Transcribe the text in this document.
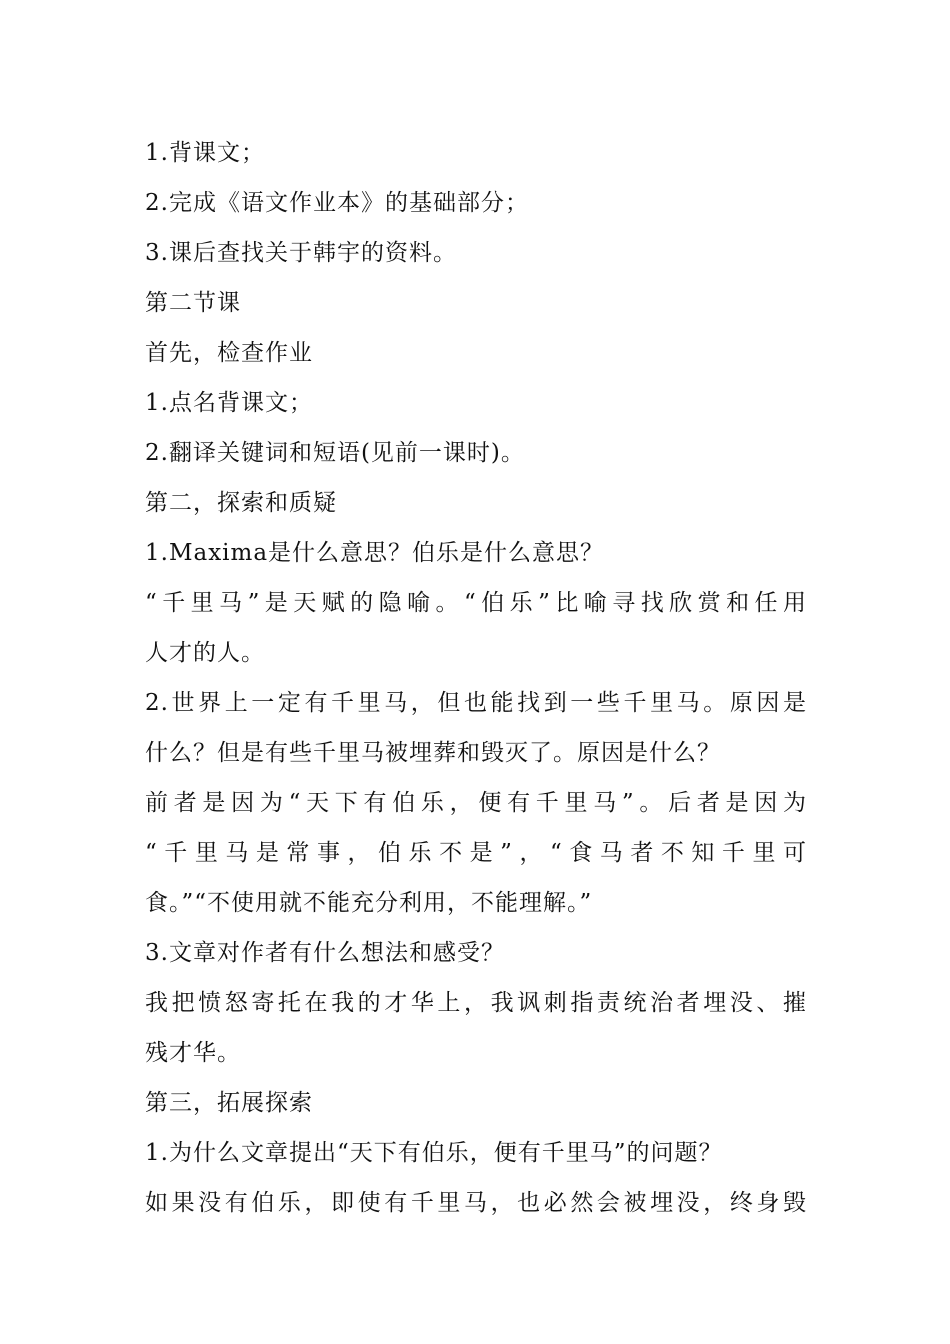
1.背课文；
2.完成《语文作业本》的基础部分；
3.课后查找关于韩宇的资料。
第二节课
首先，检查作业
1.点名背课文；
2.翻译关键词和短语(见前一课时)。
第二，探索和质疑
1.Maxima是什么意思？伯乐是什么意思？
“千里马”是天赋的隐喻。“伯乐”比喻寻找欣赏和任用
人才的人。
2.世界上一定有千里马，但也能找到一些千里马。原因是
什么？但是有些千里马被埋葬和毁灭了。原因是什么？
前者是因为“天下有伯乐，便有千里马”。后者是因为
“千里马是常事，伯乐不是”，“食马者不知千里可
食。”“不使用就不能充分利用，不能理解。”
3.文章对作者有什么想法和感受？
我把愤怒寄托在我的才华上，我讽刺指责统治者埋没、摧
残才华。
第三，拓展探索
1.为什么文章提出“天下有伯乐，便有千里马”的问题？
如果没有伯乐，即使有千里马，也必然会被埋没，终身毁
